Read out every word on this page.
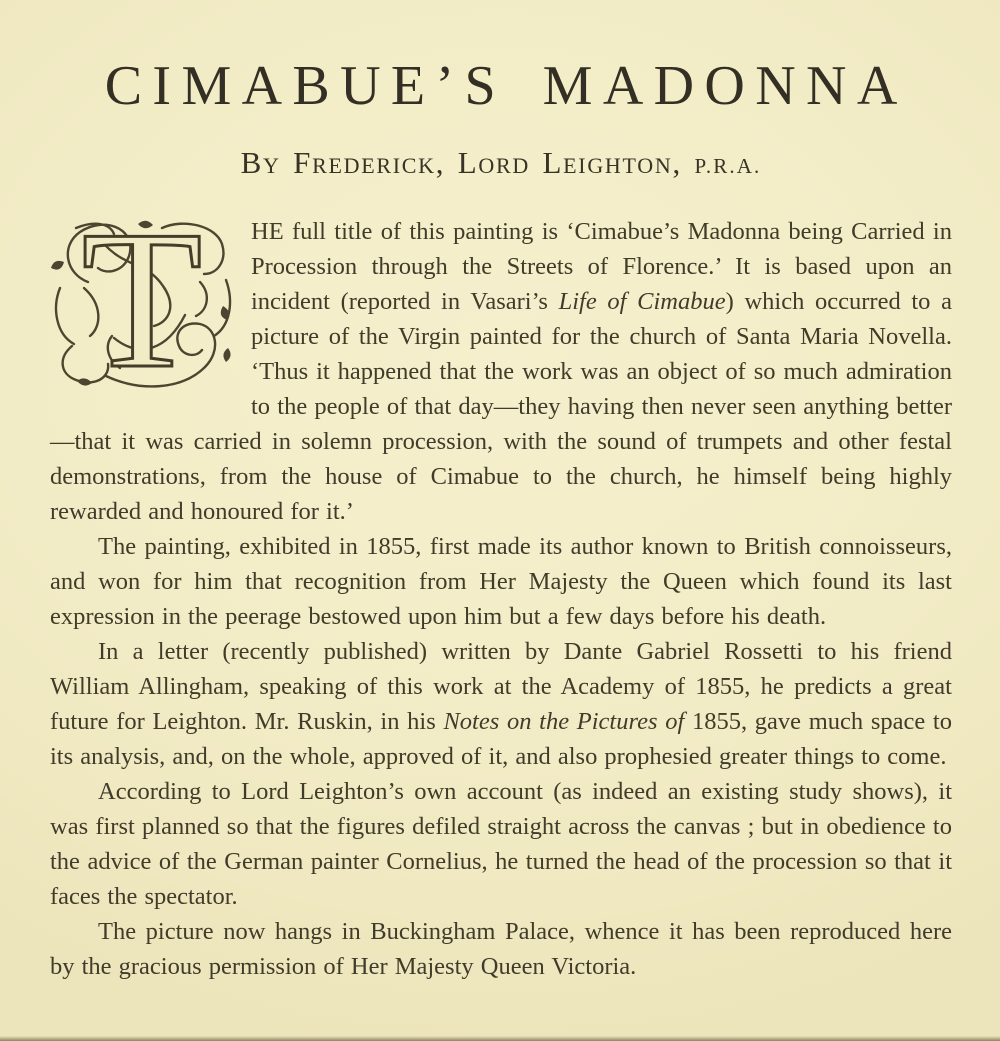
CIMABUE’S MADONNA

By Frederick, Lord Leighton, P.R.A.

T	HE full title of this painting is ‘Cimabue’s Madonna being Carried in Procession through the Streets of Florence.’ It is based upon an incident (reported in Vasari’s Life of Cimabue) which occurred to a picture of the Virgin painted for the church of Santa Maria Novella. ‘Thus it happened that the work was an object of so much admiration to the people of that day—they having then never seen anything better—that it was carried in solemn procession, with the sound of trumpets and other festal demonstrations, from the house of Cimabue to the church, he himself being highly rewarded and honoured for it.’

The painting, exhibited in 1855, first made its author known to British connoisseurs, and won for him that recognition from Her Majesty the Queen which found its last expression in the peerage bestowed upon him but a few days before his death.

In a letter (recently published) written by Dante Gabriel Rossetti to his friend William Allingham, speaking of this work at the Academy of 1855, he predicts a great future for Leighton. Mr. Ruskin, in his Notes on the Pictures of 1855, gave much space to its analysis, and, on the whole, approved of it, and also prophesied greater things to come.

According to Lord Leighton’s own account (as indeed an existing study shows), it was first planned so that the figures defiled straight across the canvas ; but in obedience to the advice of the German painter Cornelius, he turned the head of the procession so that it faces the spectator.

The picture now hangs in Buckingham Palace, whence it has been reproduced here by the gracious permission of Her Majesty Queen Victoria.
